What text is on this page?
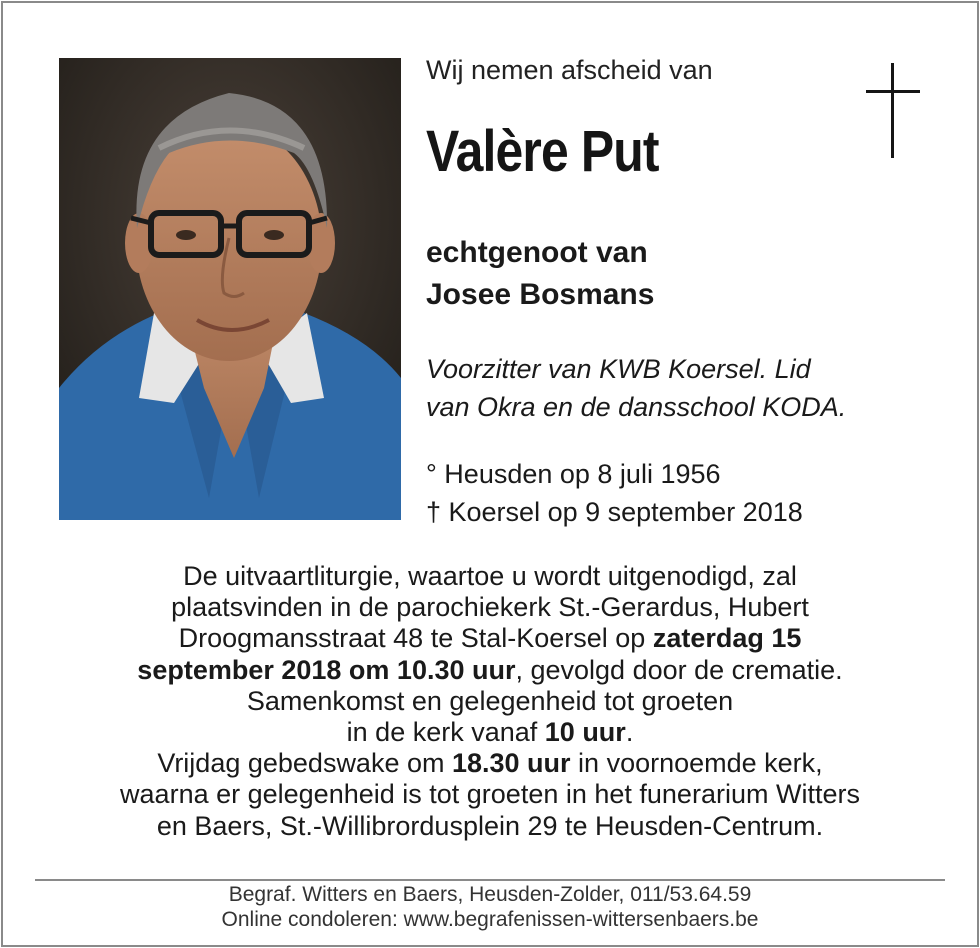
Wij nemen afscheid van
Valère Put
echtgenoot van
Josee Bosmans
Voorzitter van KWB Koersel. Lid
van Okra en de dansschool KODA.
° Heusden op 8 juli 1956
† Koersel op 9 september 2018
De uitvaartliturgie, waartoe u wordt uitgenodigd, zal
plaatsvinden in de parochiekerk St.-Gerardus, Hubert
Droogmansstraat 48 te Stal-Koersel op zaterdag 15
september 2018 om 10.30 uur, gevolgd door de crematie.
Samenkomst en gelegenheid tot groeten
in de kerk vanaf 10 uur.
Vrijdag gebedswake om 18.30 uur in voornoemde kerk,
waarna er gelegenheid is tot groeten in het funerarium Witters
en Baers, St.-Willibrordusplein 29 te Heusden-Centrum.
Begraf. Witters en Baers, Heusden-Zolder, 011/53.64.59
Online condoleren: www.begrafenissen-wittersenbaers.be
